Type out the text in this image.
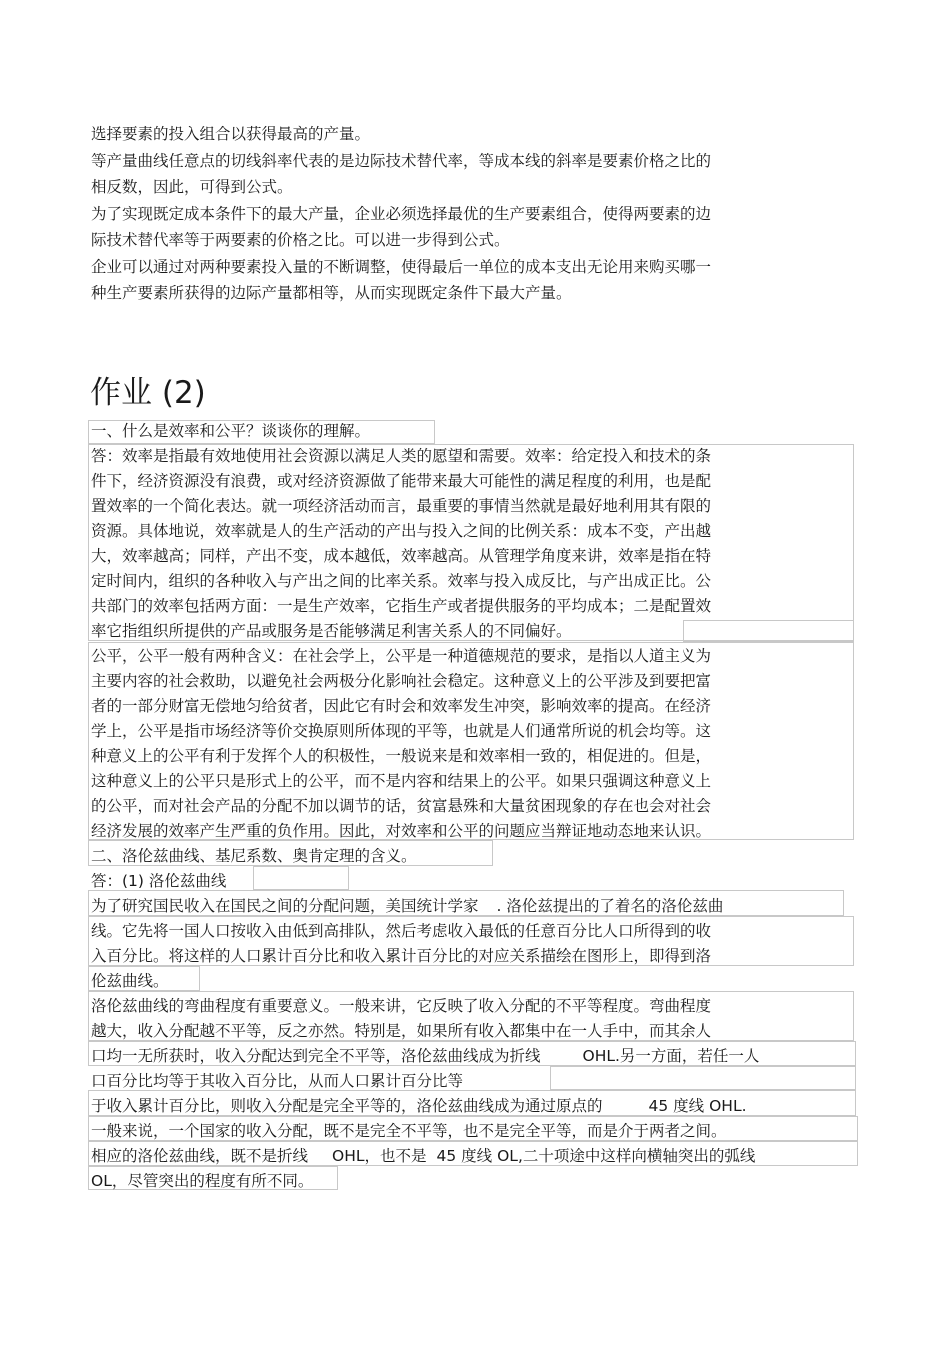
选择要素的投入组合以获得最高的产量。

等产量曲线任意点的切线斜率代表的是边际技术替代率，等成本线的斜率是要素价格之比的

相反数，因此，可得到公式。

为了实现既定成本条件下的最大产量，企业必须选择最优的生产要素组合，使得两要素的边

际技术替代率等于两要素的价格之比。可以进一步得到公式。

企业可以通过对两种要素投入量的不断调整，使得最后一单位的成本支出无论用来购买哪一

种生产要素所获得的边际产量都相等，从而实现既定条件下最大产量。

作业 (2)

一、什么是效率和公平？谈谈你的理解。

答：效率是指最有效地使用社会资源以满足人类的愿望和需要。效率：给定投入和技术的条
件下，经济资源没有浪费，或对经济资源做了能带来最大可能性的满足程度的利用，也是配
置效率的一个简化表达。就一项经济活动而言，最重要的事情当然就是最好地利用其有限的
资源。具体地说，效率就是人的生产活动的产出与投入之间的比例关系：成本不变，产出越
大，效率越高；同样，产出不变，成本越低，效率越高。从管理学角度来讲，效率是指在特
定时间内，组织的各种收入与产出之间的比率关系。效率与投入成反比，与产出成正比。公
共部门的效率包括两方面：一是生产效率，它指生产或者提供服务的平均成本；二是配置效
率它指组织所提供的产品或服务是否能够满足利害关系人的不同偏好。
公平，公平一般有两种含义：在社会学上，公平是一种道德规范的要求，是指以人道主义为
主要内容的社会救助，以避免社会两极分化影响社会稳定。这种意义上的公平涉及到要把富
者的一部分财富无偿地匀给贫者，因此它有时会和效率发生冲突，影响效率的提高。在经济
学上，公平是指市场经济等价交换原则所体现的平等，也就是人们通常所说的机会均等。这
种意义上的公平有利于发挥个人的积极性，一般说来是和效率相一致的，相促进的。但是，
这种意义上的公平只是形式上的公平，而不是内容和结果上的公平。如果只强调这种意义上
的公平，而对社会产品的分配不加以调节的话，贫富悬殊和大量贫困现象的存在也会对社会
经济发展的效率产生严重的负作用。因此，对效率和公平的问题应当辩证地动态地来认识。

二、洛伦兹曲线、基尼系数、奥肯定理的含义。

答：(1) 洛伦兹曲线

为了研究国民收入在国民之间的分配问题，美国统计学家 . 洛伦兹提出的了着名的洛伦兹曲
线。它先将一国人口按收入由低到高排队，然后考虑收入最低的任意百分比人口所得到的收
入百分比。将这样的人口累计百分比和收入累计百分比的对应关系描绘在图形上，即得到洛
伦兹曲线。
洛伦兹曲线的弯曲程度有重要意义。一般来讲，它反映了收入分配的不平等程度。弯曲程度
越大，收入分配越不平等，反之亦然。特别是，如果所有收入都集中在一人手中，而其余人
口均一无所获时，收入分配达到完全不平等，洛伦兹曲线成为折线	OHL.另一方面，若任一人
口百分比均等于其收入百分比，从而人口累计百分比等
于收入累计百分比，则收入分配是完全平等的，洛伦兹曲线成为通过原点的	45 度线 OHL.
一般来说，一个国家的收入分配，既不是完全不平等，也不是完全平等，而是介于两者之间。
相应的洛伦兹曲线，既不是折线 OHL，也不是 45 度线 OL,二十项途中这样向横轴突出的弧线
OL，尽管突出的程度有所不同。
